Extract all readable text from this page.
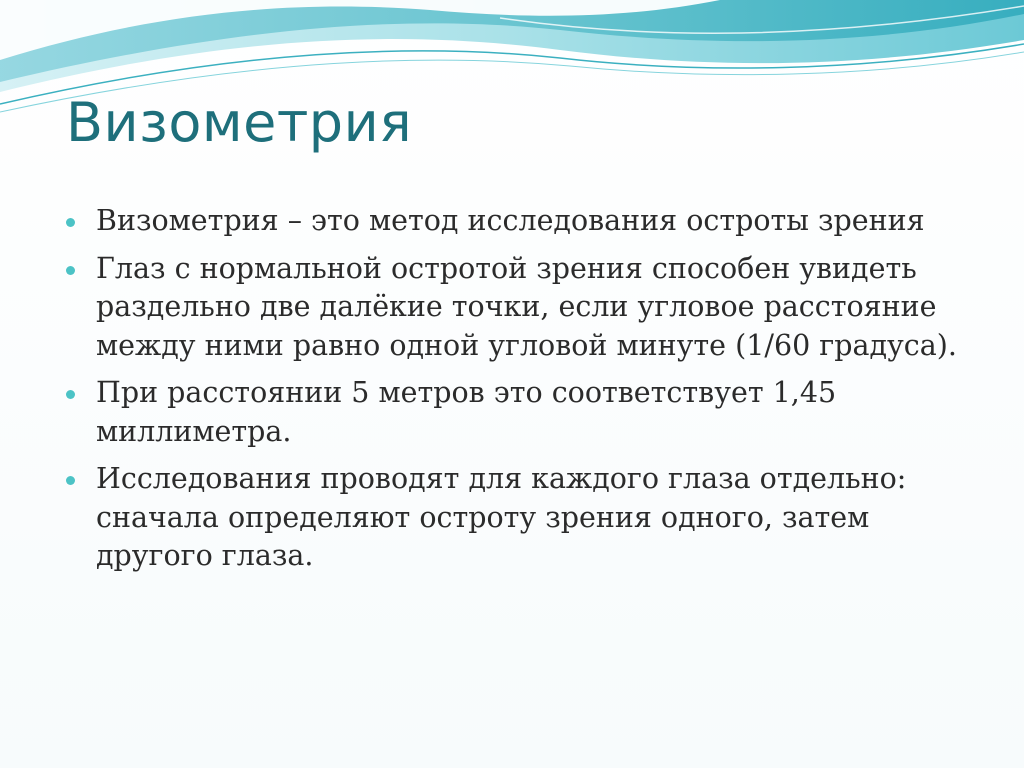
Визометрия
Визометрия – это метод исследования остроты зрения
Глаз с нормальной остротой зрения способен увидеть раздельно две далёкие точки, если угловое расстояние между ними равно одной угловой минуте (1/60 градуса).
При расстоянии 5 метров это соответствует 1,45 миллиметра.
Исследования проводят для каждого глаза отдельно: сначала определяют остроту зрения одного, затем другого глаза.
